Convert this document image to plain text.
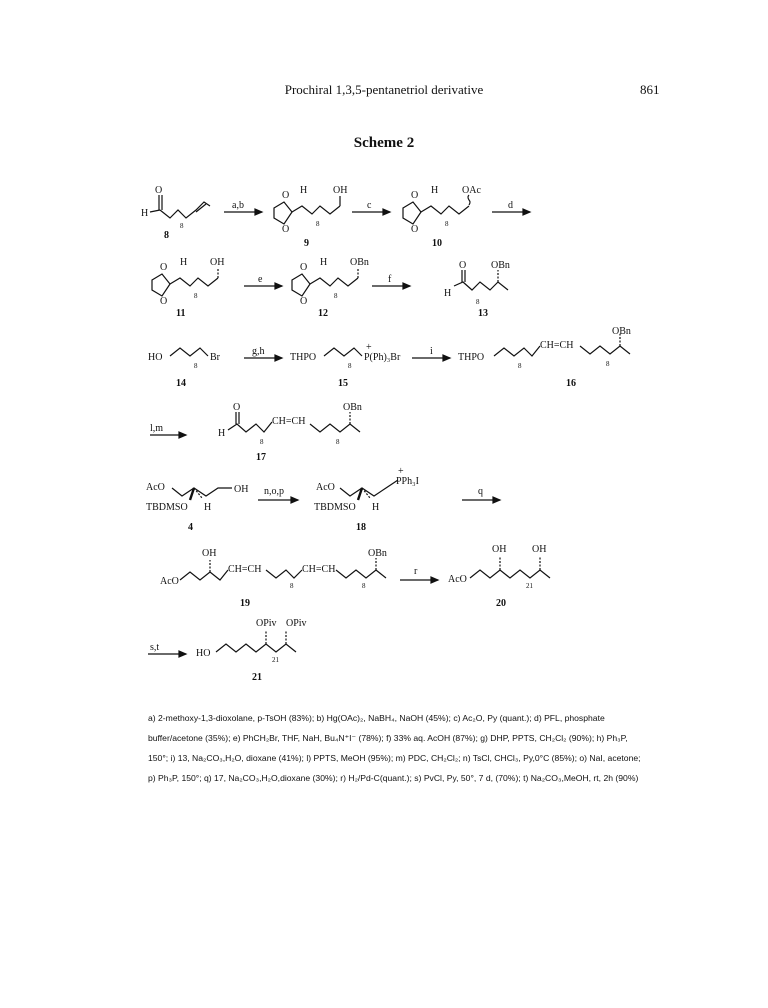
Prochiral 1,3,5-pentanetriol derivative	861
Scheme 2
O
H
8
8
a,b
O
O
H	OH
8
9
c
O
O
H OAc
8
10
d
O
O
H OH
8
11
e
O
O
H OBn
8
12
f
O
H
OBn
8
13
HO	Br
8
14
g,h
THPO	P(Ph)₃Br
+
8
15
i
THPO
CH=CH
OBn
8	8
16
l,m
O
H
CH=CH
OBn
8	8
17
AcO	OH
TBDMSO H
4
n,o,p	AcO
PPh₃I
+
TBDMSO H
18
q
OH
AcO
CH=CH	CH=CH
OBn
8	8
19
r
AcO
OH	OH
21
20
s,t
HO
OPiv OPiv
21
21
a) 2-methoxy-1,3-dioxolane, p-TsOH (83%); b) Hg(OAc)₂, NaBH₄, NaOH (45%); c) Ac₂O, Py (quant.); d) PFL, phosphate buffer/acetone (35%); e) PhCH₂Br, THF, NaH, Bu₄N⁺I⁻ (78%); f) 33% aq. AcOH (87%); g) DHP, PPTS, CH₂Cl₂ (90%); h) Ph₃P, 150°; i) 13, Na₂CO₃,H₂O, dioxane (41%); l) PPTS, MeOH (95%); m) PDC, CH₂Cl₂; n) TsCl, CHCl₃, Py,0°C (85%); o) NaI, acetone; p) Ph₃P, 150°; q) 17, Na₂CO₃,H₂O,dioxane (30%); r) H₂/Pd-C(quant.); s) PvCl, Py, 50°, 7 d, (70%); t) Na₂CO₃,MeOH, rt, 2h (90%)
